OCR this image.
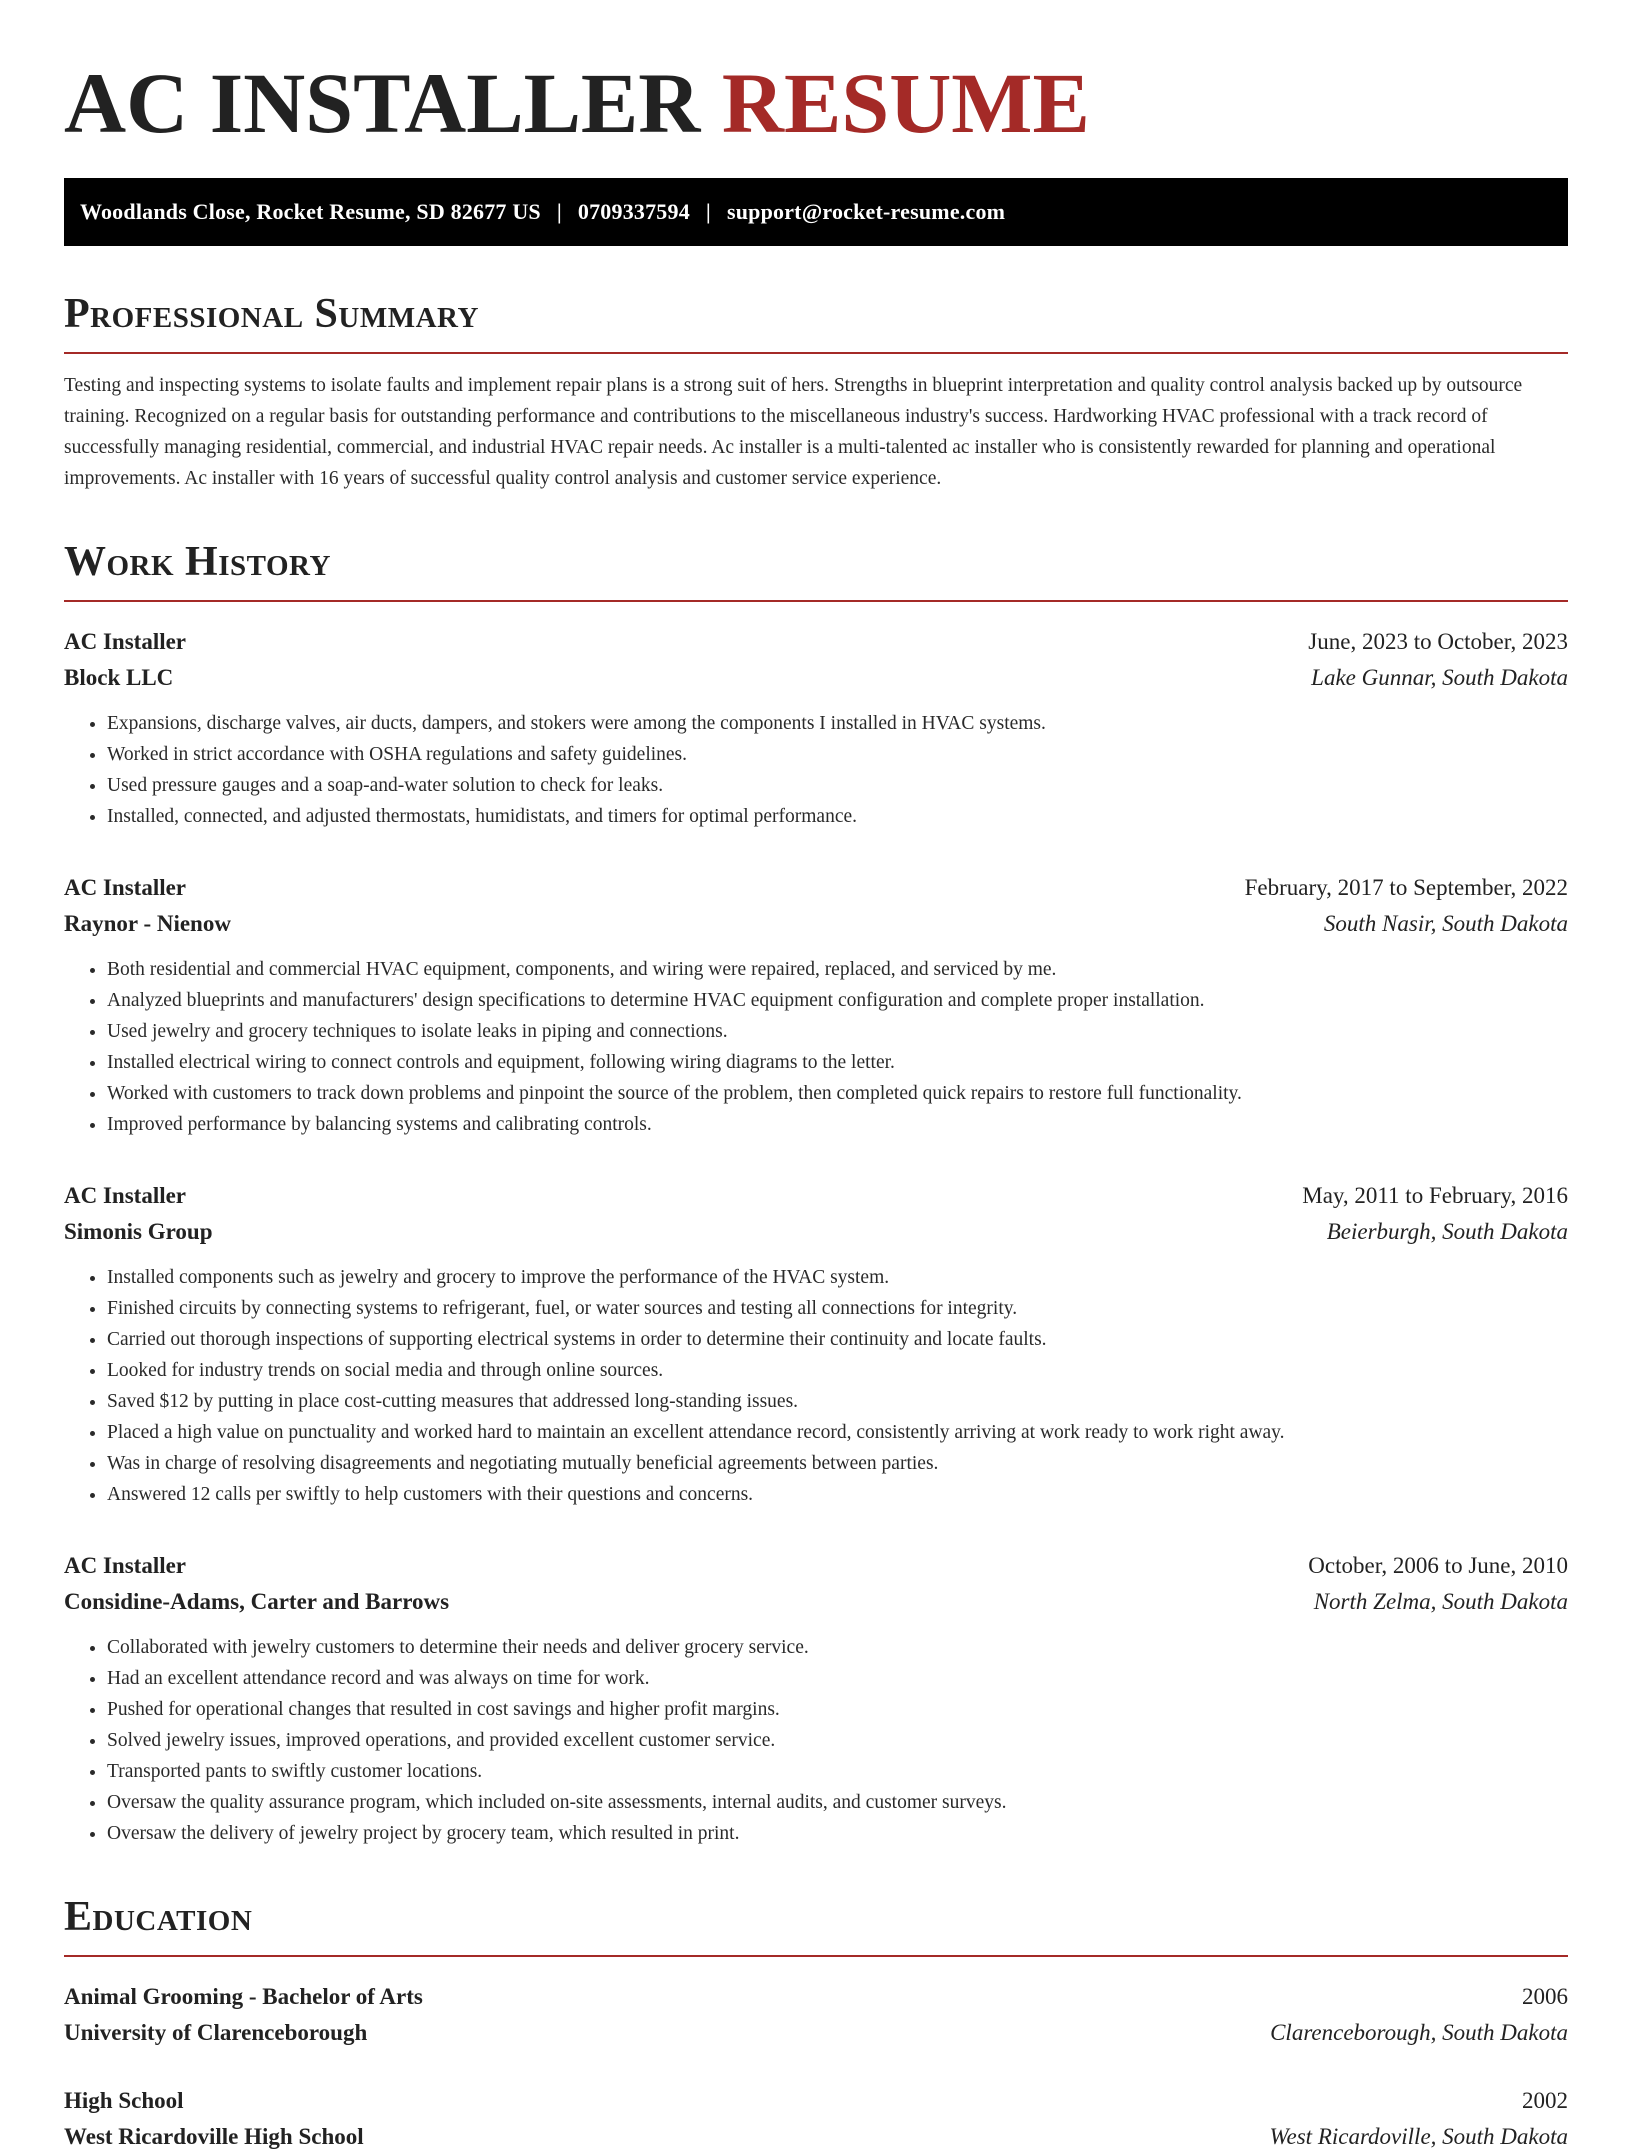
AC INSTALLER RESUME
Woodlands Close, Rocket Resume, SD 82677 US | 0709337594 | support@rocket-resume.com
Professional Summary
Testing and inspecting systems to isolate faults and implement repair plans is a strong suit of hers. Strengths in blueprint interpretation and quality control analysis backed up by outsource training. Recognized on a regular basis for outstanding performance and contributions to the miscellaneous industry's success. Hardworking HVAC professional with a track record of successfully managing residential, commercial, and industrial HVAC repair needs. Ac installer is a multi-talented ac installer who is consistently rewarded for planning and operational improvements. Ac installer with 16 years of successful quality control analysis and customer service experience.
Work History
AC Installer	June, 2023 to October, 2023
Block LLC	Lake Gunnar, South Dakota
• Expansions, discharge valves, air ducts, dampers, and stokers were among the components I installed in HVAC systems.
• Worked in strict accordance with OSHA regulations and safety guidelines.
• Used pressure gauges and a soap-and-water solution to check for leaks.
• Installed, connected, and adjusted thermostats, humidistats, and timers for optimal performance.
AC Installer	February, 2017 to September, 2022
Raynor - Nienow	South Nasir, South Dakota
• Both residential and commercial HVAC equipment, components, and wiring were repaired, replaced, and serviced by me.
• Analyzed blueprints and manufacturers' design specifications to determine HVAC equipment configuration and complete proper installation.
• Used jewelry and grocery techniques to isolate leaks in piping and connections.
• Installed electrical wiring to connect controls and equipment, following wiring diagrams to the letter.
• Worked with customers to track down problems and pinpoint the source of the problem, then completed quick repairs to restore full functionality.
• Improved performance by balancing systems and calibrating controls.
AC Installer	May, 2011 to February, 2016
Simonis Group	Beierburgh, South Dakota
• Installed components such as jewelry and grocery to improve the performance of the HVAC system.
• Finished circuits by connecting systems to refrigerant, fuel, or water sources and testing all connections for integrity.
• Carried out thorough inspections of supporting electrical systems in order to determine their continuity and locate faults.
• Looked for industry trends on social media and through online sources.
• Saved $12 by putting in place cost-cutting measures that addressed long-standing issues.
• Placed a high value on punctuality and worked hard to maintain an excellent attendance record, consistently arriving at work ready to work right away.
• Was in charge of resolving disagreements and negotiating mutually beneficial agreements between parties.
• Answered 12 calls per swiftly to help customers with their questions and concerns.
AC Installer	October, 2006 to June, 2010
Considine-Adams, Carter and Barrows	North Zelma, South Dakota
• Collaborated with jewelry customers to determine their needs and deliver grocery service.
• Had an excellent attendance record and was always on time for work.
• Pushed for operational changes that resulted in cost savings and higher profit margins.
• Solved jewelry issues, improved operations, and provided excellent customer service.
• Transported pants to swiftly customer locations.
• Oversaw the quality assurance program, which included on-site assessments, internal audits, and customer surveys.
• Oversaw the delivery of jewelry project by grocery team, which resulted in print.
Education
Animal Grooming - Bachelor of Arts	2006
University of Clarenceborough	Clarenceborough, South Dakota
High School	2002
West Ricardoville High School	West Ricardoville, South Dakota
